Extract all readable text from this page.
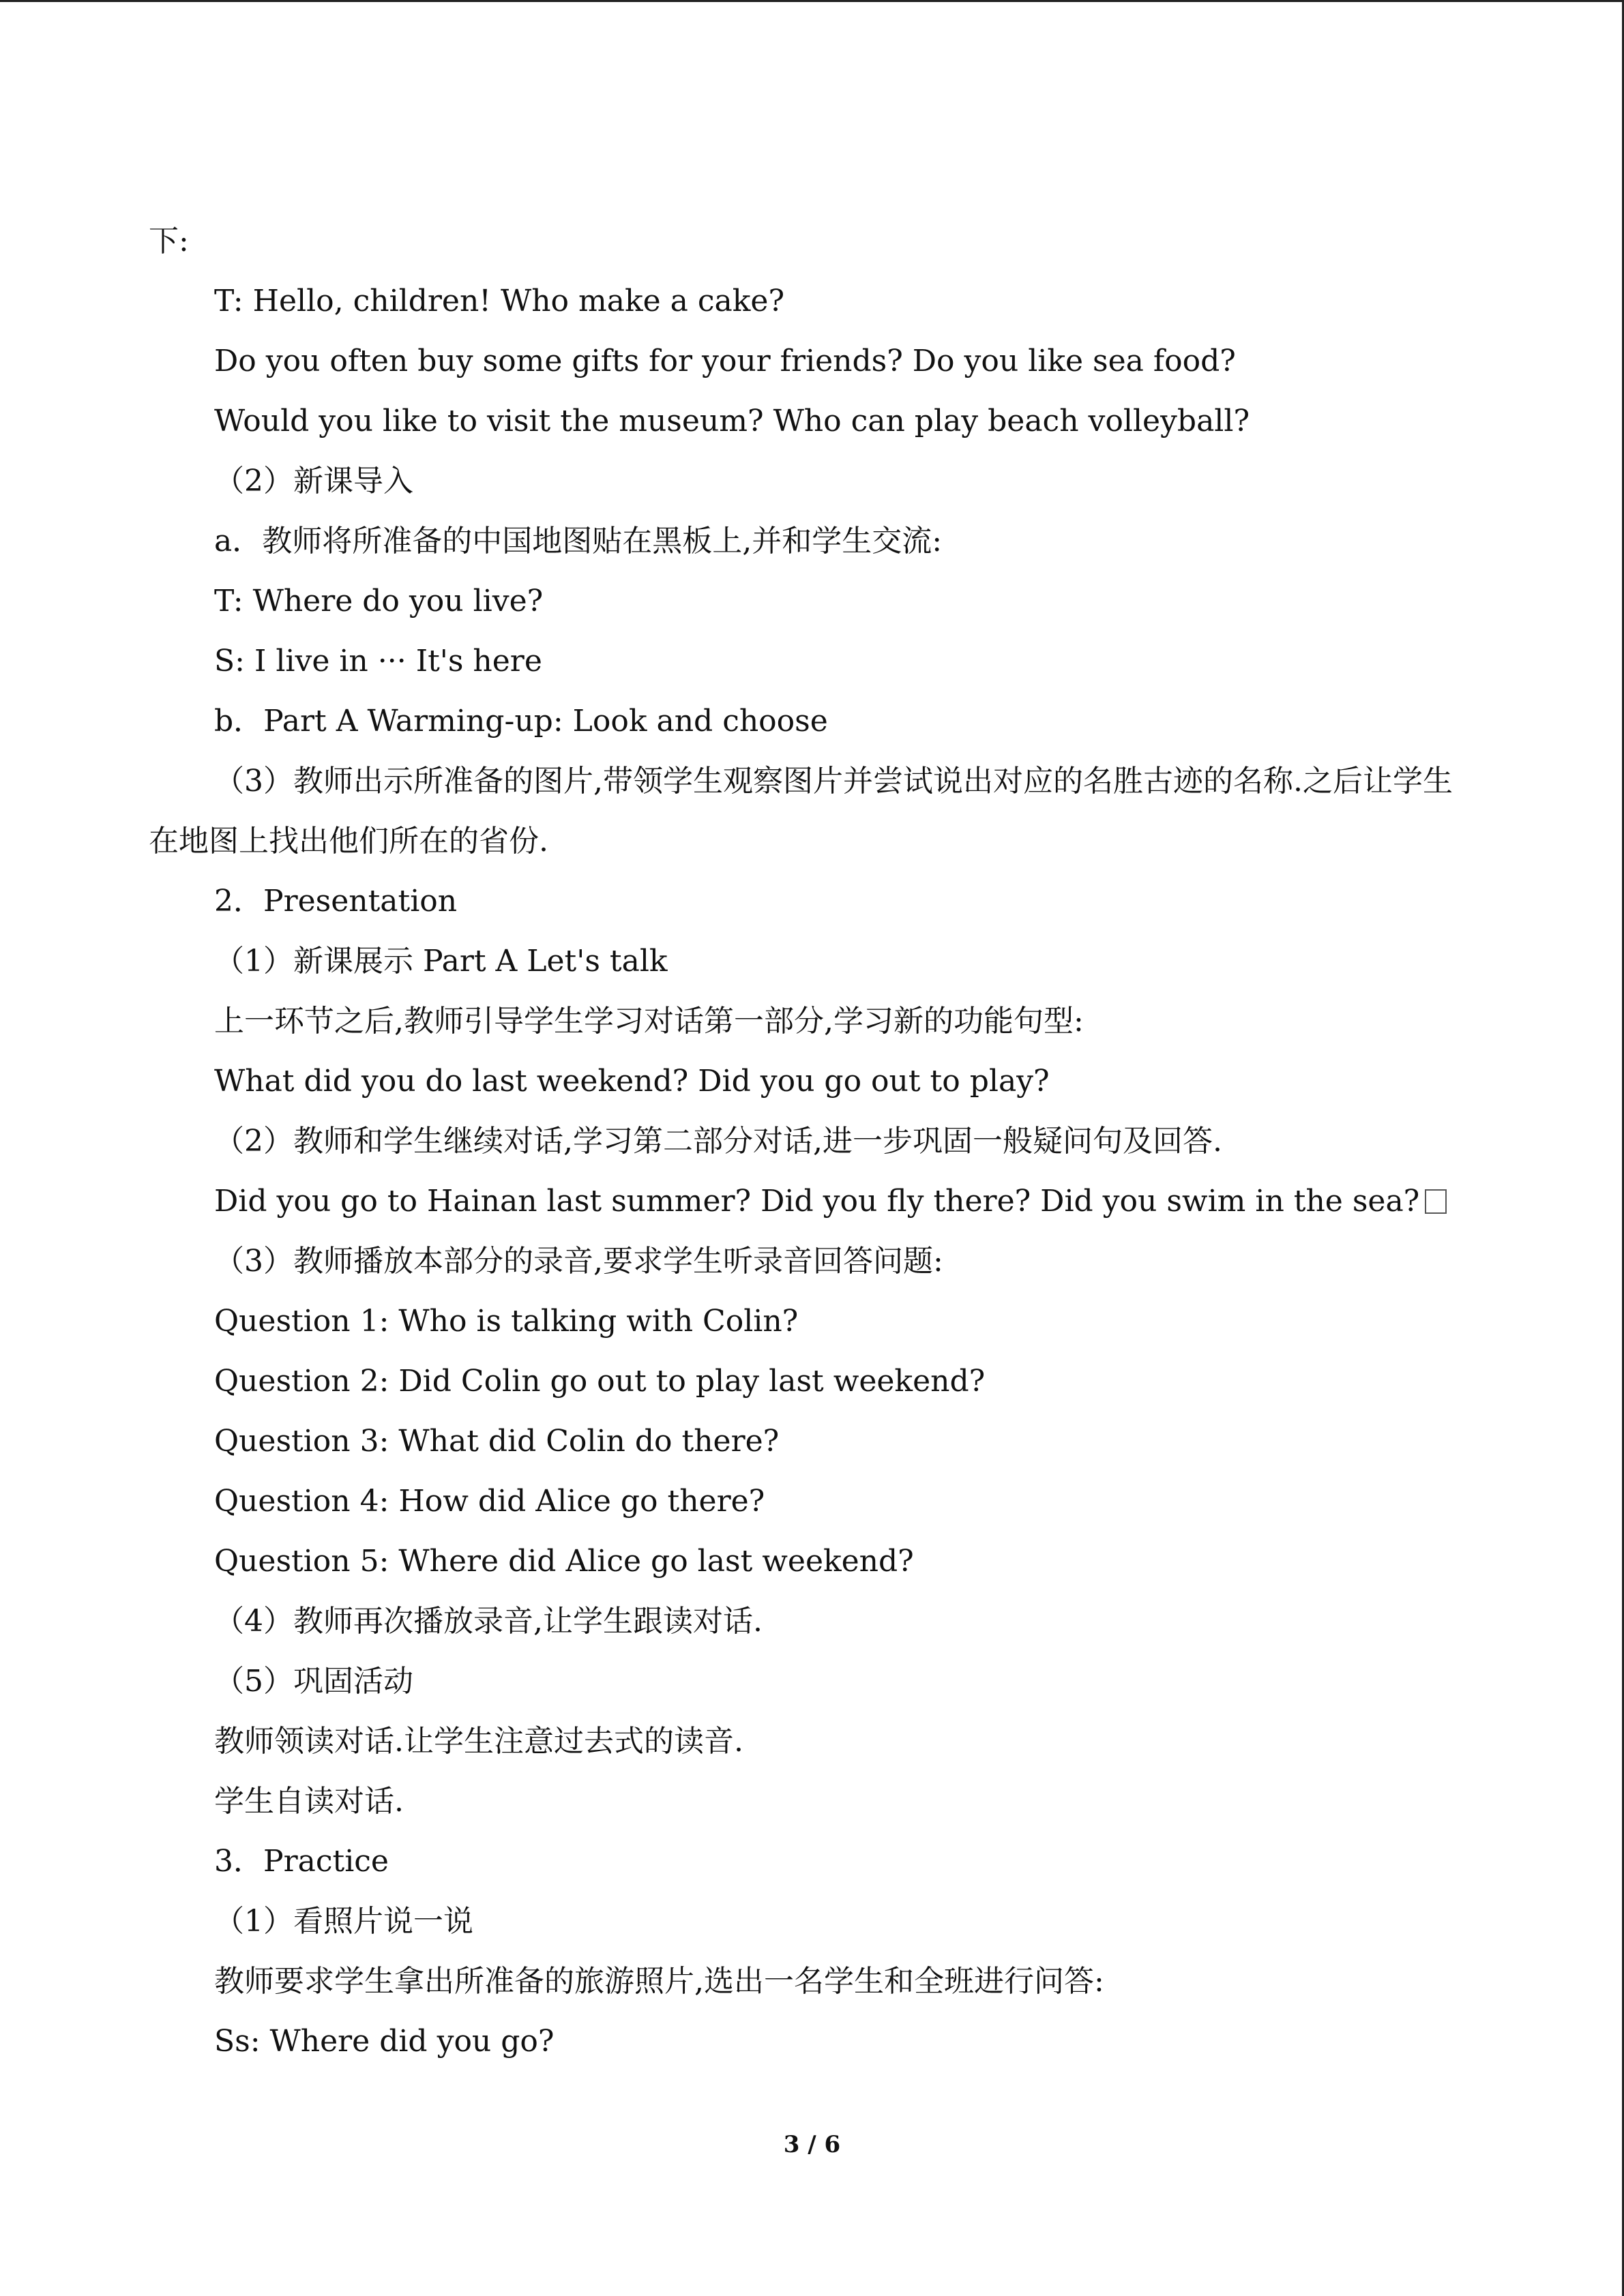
下:
T: Hello, children! Who make a cake?
Do you often buy some gifts for your friends? Do you like sea food?
Would you like to visit the museum? Who can play beach volleyball?
（2）新课导入
a．教师将所准备的中国地图贴在黑板上,并和学生交流:
T: Where do you live?
S: I live in ··· It's here
b．Part A Warming-up: Look and choose
（3）教师出示所准备的图片,带领学生观察图片并尝试说出对应的名胜古迹的名称.之后让学生在地图上找出他们所在的省份.
2．Presentation
（1）新课展示 Part A Let's talk
上一环节之后,教师引导学生学习对话第一部分,学习新的功能句型:
What did you do last weekend? Did you go out to play?
（2）教师和学生继续对话,学习第二部分对话,进一步巩固一般疑问句及回答.
Did you go to Hainan last summer? Did you fly there? Did you swim in the sea?
（3）教师播放本部分的录音,要求学生听录音回答问题:
Question 1: Who is talking with Colin?
Question 2: Did Colin go out to play last weekend?
Question 3: What did Colin do there?
Question 4: How did Alice go there?
Question 5: Where did Alice go last weekend?
（4）教师再次播放录音,让学生跟读对话.
（5）巩固活动
教师领读对话.让学生注意过去式的读音.
学生自读对话.
3．Practice
（1）看照片说一说
教师要求学生拿出所准备的旅游照片,选出一名学生和全班进行问答:
Ss: Where did you go?
3 / 6
